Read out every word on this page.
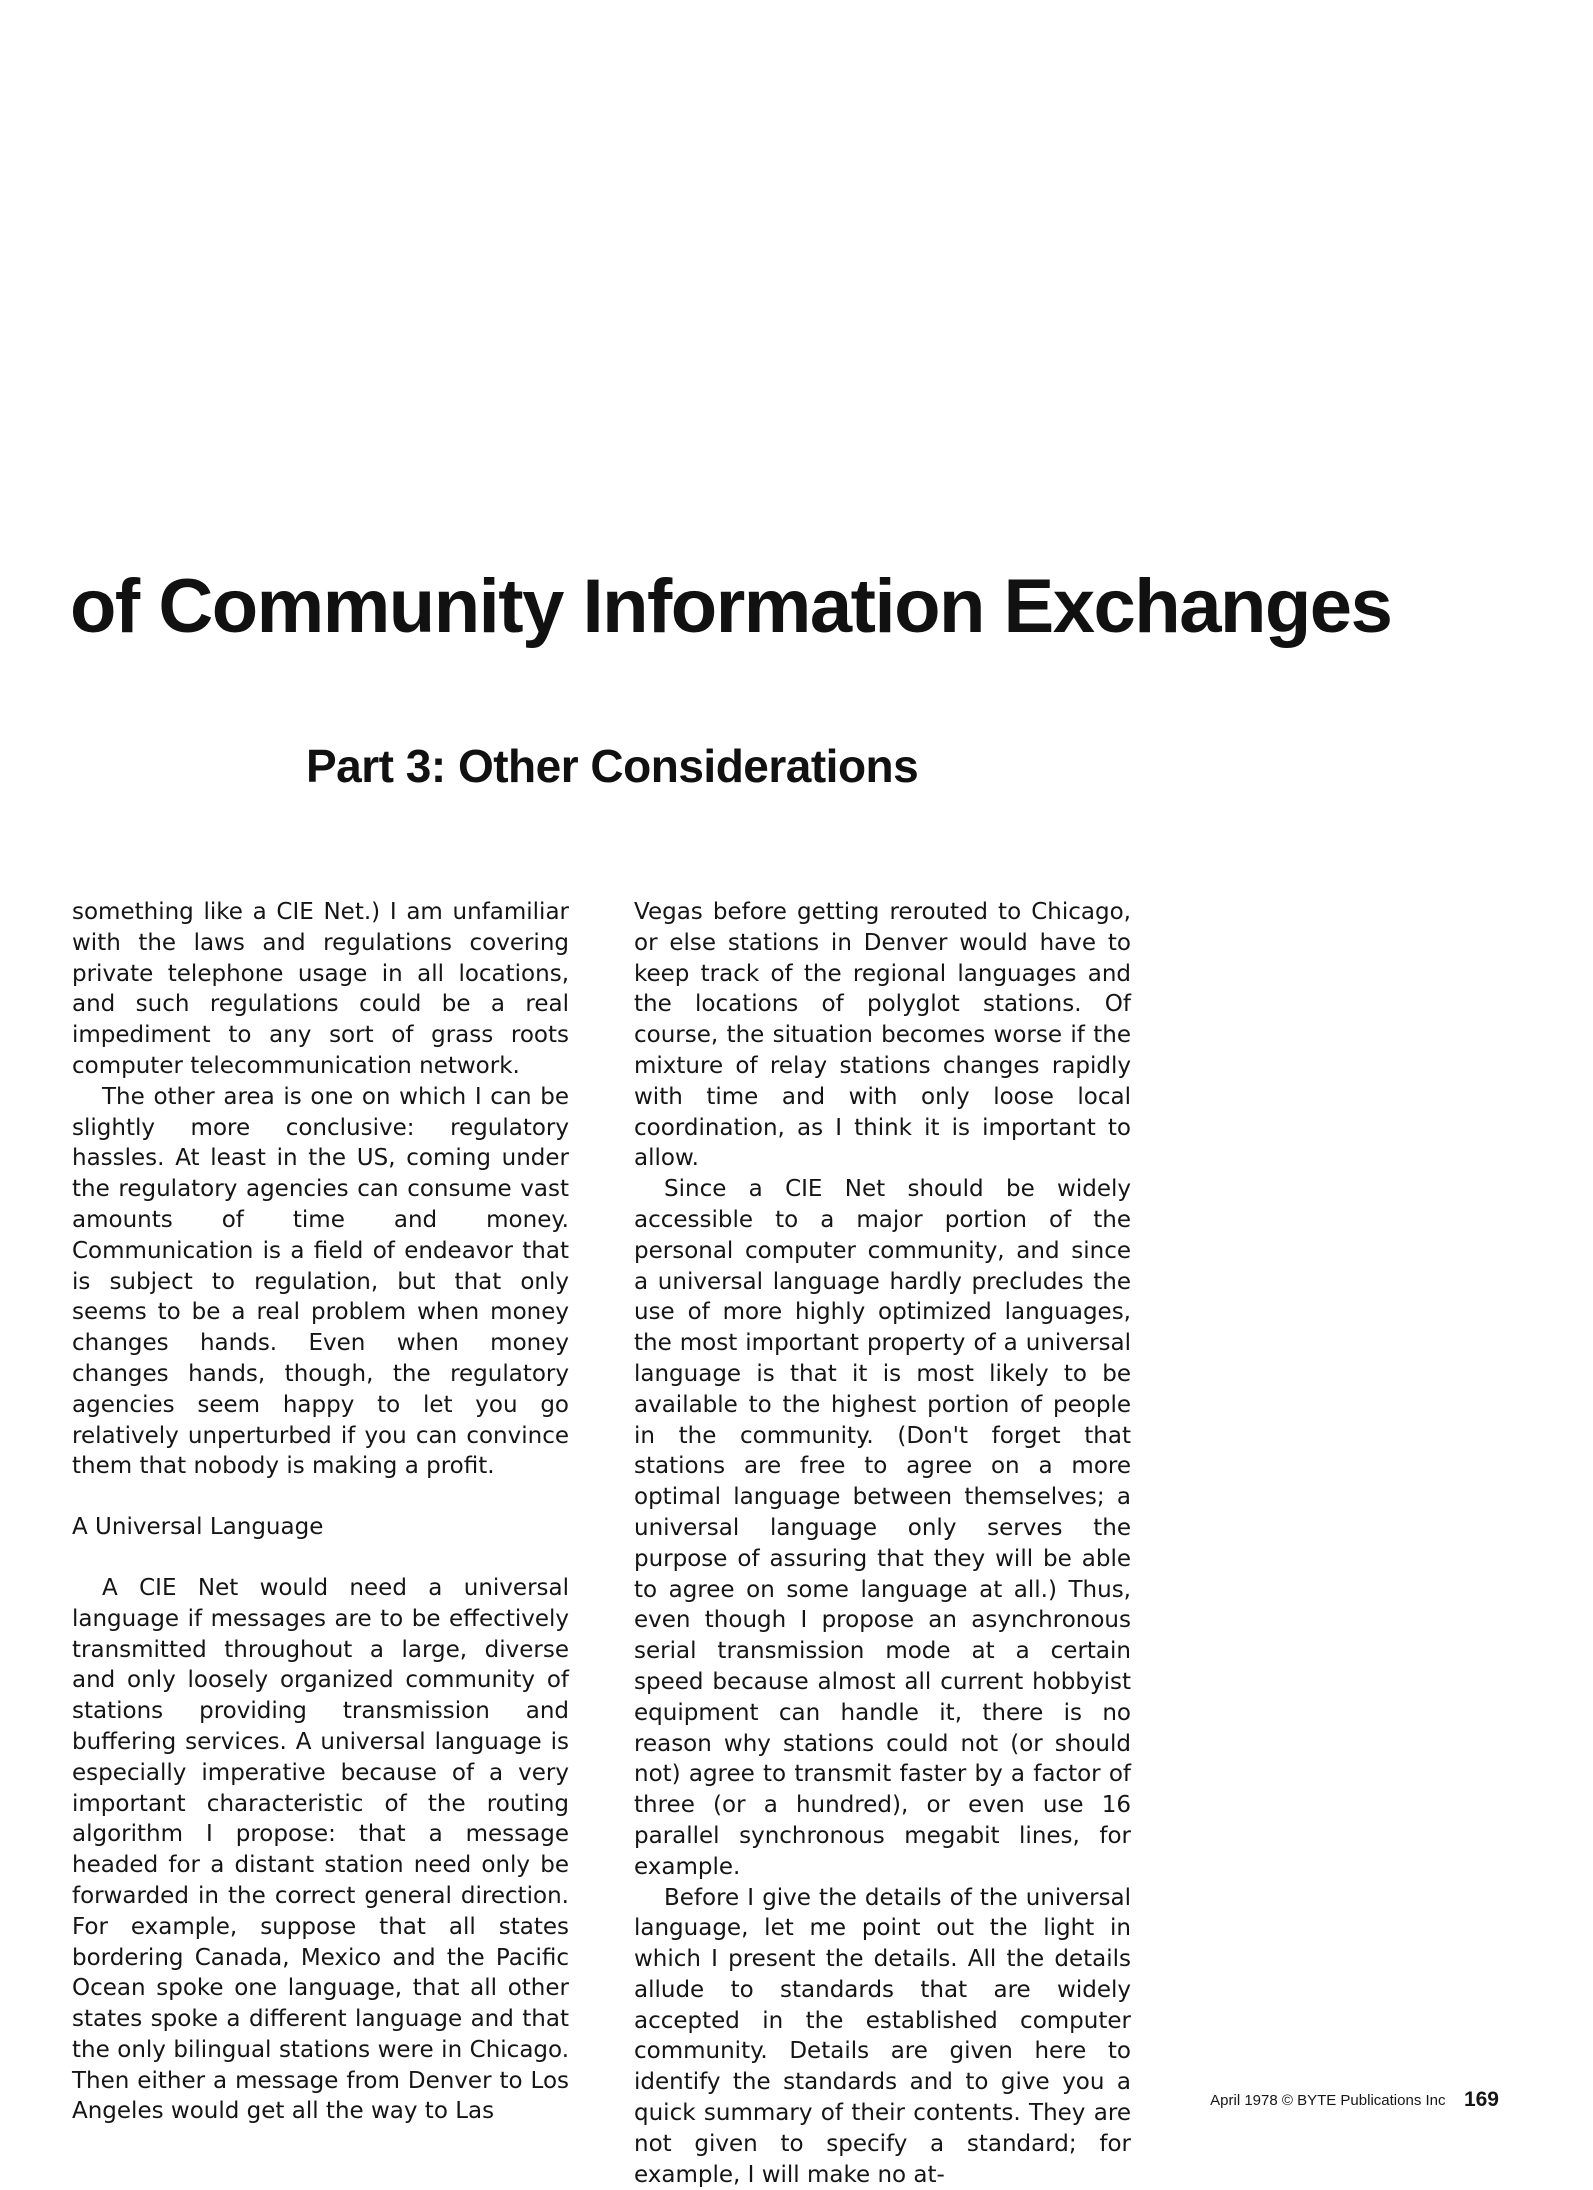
of Community Information Exchanges
Part 3: Other Considerations

something like a CIE Net.) I am unfamiliar with the laws and regulations covering private telephone usage in all locations, and such regulations could be a real impediment to any sort of grass roots computer telecommunication network.

The other area is one on which I can be slightly more conclusive: regulatory hassles. At least in the US, coming under the regulatory agencies can consume vast amounts of time and money. Communication is a field of endeavor that is subject to regulation, but that only seems to be a real problem when money changes hands. Even when money changes hands, though, the regulatory agencies seem happy to let you go relatively unperturbed if you can convince them that nobody is making a profit.

A Universal Language

A CIE Net would need a universal language if messages are to be effectively transmitted throughout a large, diverse and only loosely organized community of stations providing transmission and buffering services. A universal language is especially imperative because of a very important characteristic of the routing algorithm I propose: that a message headed for a distant station need only be forwarded in the correct general direction. For example, suppose that all states bordering Canada, Mexico and the Pacific Ocean spoke one language, that all other states spoke a different language and that the only bilingual stations were in Chicago. Then either a message from Denver to Los Angeles would get all the way to Las

Vegas before getting rerouted to Chicago, or else stations in Denver would have to keep track of the regional languages and the locations of polyglot stations. Of course, the situation becomes worse if the mixture of relay stations changes rapidly with time and with only loose local coordination, as I think it is important to allow.

Since a CIE Net should be widely accessible to a major portion of the personal computer community, and since a universal language hardly precludes the use of more highly optimized languages, the most important property of a universal language is that it is most likely to be available to the highest portion of people in the community. (Don't forget that stations are free to agree on a more optimal language between themselves; a universal language only serves the purpose of assuring that they will be able to agree on some language at all.) Thus, even though I propose an asynchronous serial transmission mode at a certain speed because almost all current hobbyist equipment can handle it, there is no reason why stations could not (or should not) agree to transmit faster by a factor of three (or a hundred), or even use 16 parallel synchronous megabit lines, for example.

Before I give the details of the universal language, let me point out the light in which I present the details. All the details allude to standards that are widely accepted in the established computer community. Details are given here to identify the standards and to give you a quick summary of their contents. They are not given to specify a standard; for example, I will make no at-

April 1978 © BYTE Publications Inc 169
